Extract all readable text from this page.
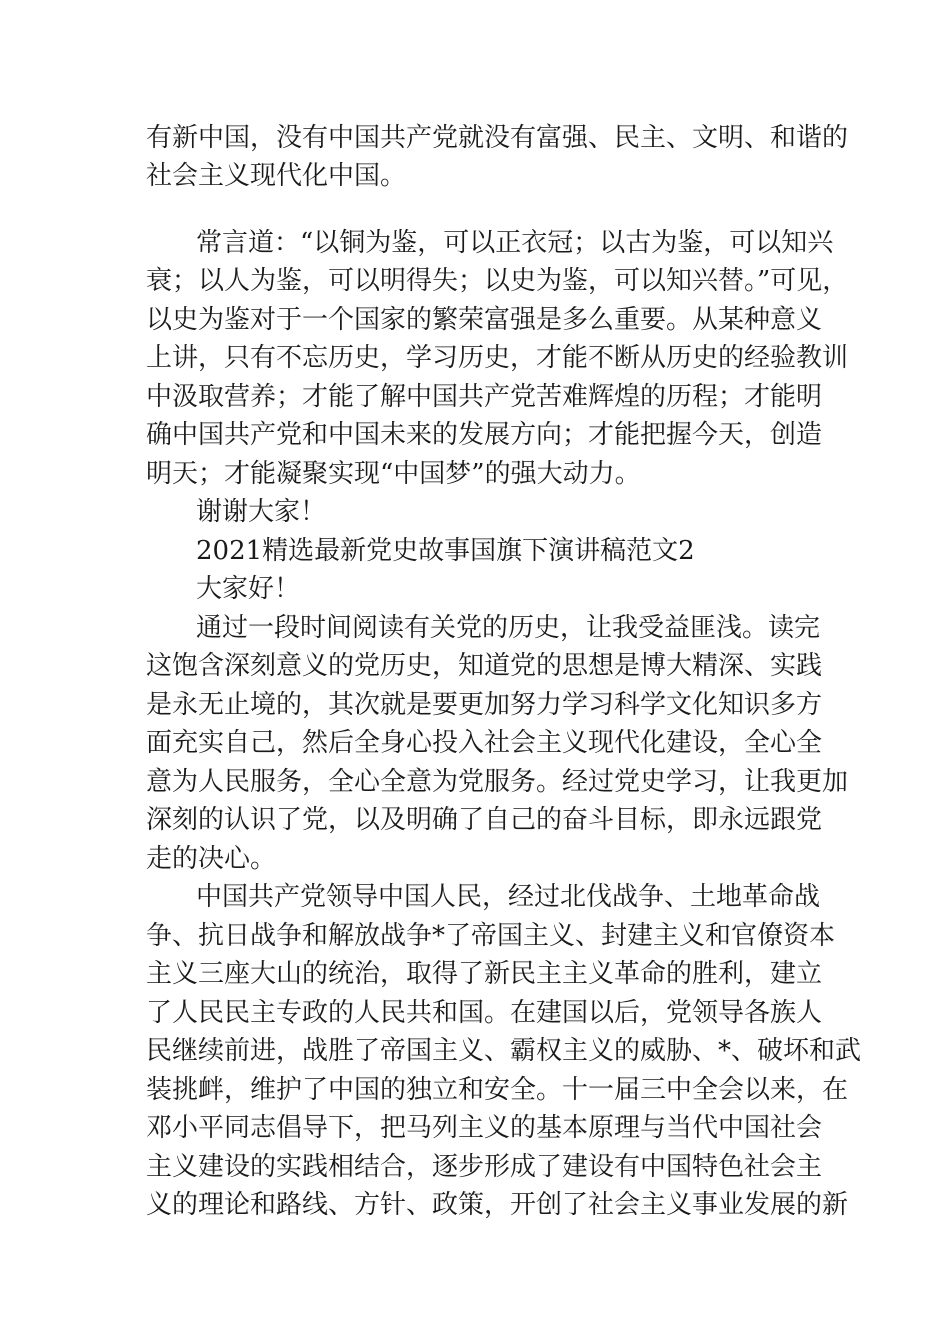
有新中国，没有中国共产党就没有富强、民主、文明、和谐的
社会主义现代化中国。
常言道：“以铜为鉴，可以正衣冠；以古为鉴，可以知兴
衰；以人为鉴，可以明得失；以史为鉴，可以知兴替。”可见，
以史为鉴对于一个国家的繁荣富强是多么重要。从某种意义
上讲，只有不忘历史，学习历史，才能不断从历史的经验教训
中汲取营养；才能了解中国共产党苦难辉煌的历程；才能明
确中国共产党和中国未来的发展方向；才能把握今天，创造
明天；才能凝聚实现“中国梦”的强大动力。
谢谢大家！
2021精选最新党史故事国旗下演讲稿范文2
大家好！
通过一段时间阅读有关党的历史，让我受益匪浅。读完
这饱含深刻意义的党历史，知道党的思想是博大精深、实践
是永无止境的，其次就是要更加努力学习科学文化知识多方
面充实自己，然后全身心投入社会主义现代化建设，全心全
意为人民服务，全心全意为党服务。经过党史学习，让我更加
深刻的认识了党，以及明确了自己的奋斗目标，即永远跟党
走的决心。
中国共产党领导中国人民，经过北伐战争、土地革命战
争、抗日战争和解放战争*了帝国主义、封建主义和官僚资本
主义三座大山的统治，取得了新民主主义革命的胜利，建立
了人民民主专政的人民共和国。在建国以后，党领导各族人
民继续前进，战胜了帝国主义、霸权主义的威胁、*、破坏和武
装挑衅，维护了中国的独立和安全。十一届三中全会以来，在
邓小平同志倡导下，把马列主义的基本原理与当代中国社会
主义建设的实践相结合，逐步形成了建设有中国特色社会主
义的理论和路线、方针、政策，开创了社会主义事业发展的新
